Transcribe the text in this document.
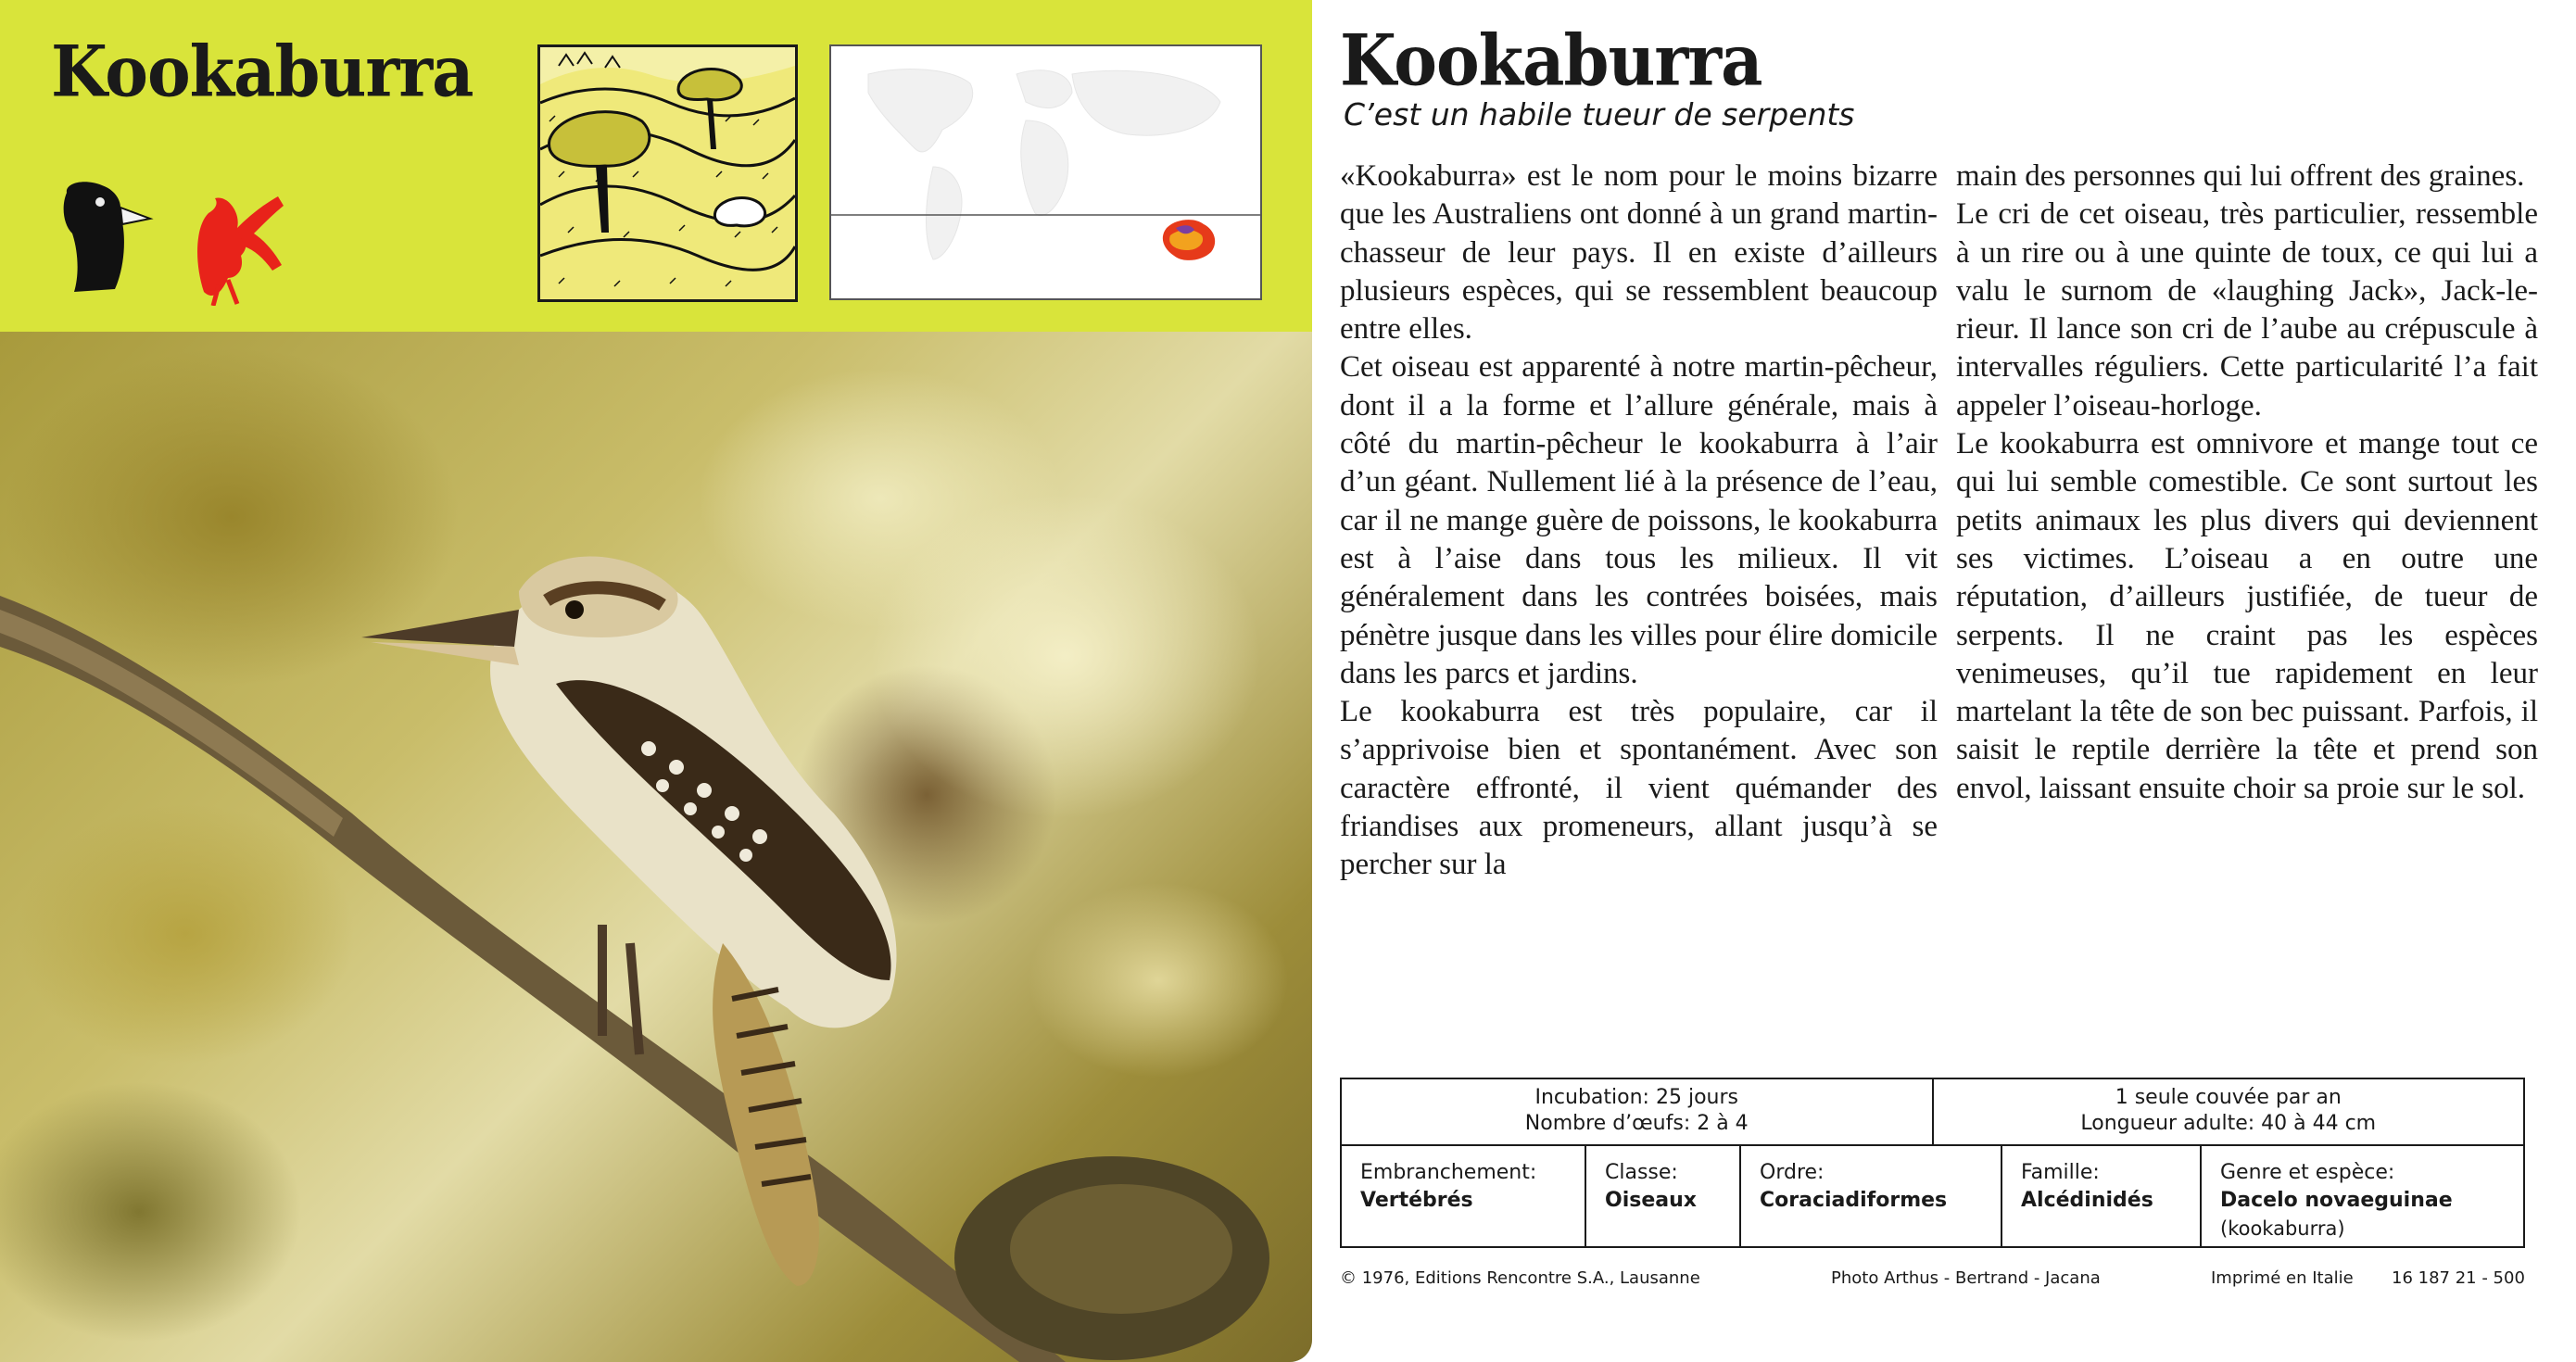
Kookaburra	Kookaburra
C’est un habile tueur de serpents

«Kookaburra» est le nom pour le moins bizarre que les Australiens ont donné à un grand martin-chasseur de leur pays. Il en existe d’ailleurs plusieurs espèces, qui se ressemblent beaucoup entre elles.

Cet oiseau est apparenté à notre martin-pêcheur, dont il a la forme et l’allure générale, mais à côté du martin-pêcheur le kookaburra à l’air d’un géant. Nullement lié à la présence de l’eau, car il ne mange guère de poissons, le kookaburra est à l’aise dans tous les milieux. Il vit généralement dans les contrées boisées, mais pénètre jusque dans les villes pour élire domicile dans les parcs et jardins.

Le kookaburra est très populaire, car il s’apprivoise bien et spontanément. Avec son caractère effronté, il vient quémander des friandises aux promeneurs, allant jusqu’à se percher sur la

main des personnes qui lui offrent des graines.

Le cri de cet oiseau, très particulier, ressemble à un rire ou à une quinte de toux, ce qui lui a valu le surnom de «laughing Jack», Jack-le-rieur. Il lance son cri de l’aube au crépuscule à intervalles réguliers. Cette particularité l’a fait appeler l’oiseau-horloge.

Le kookaburra est omnivore et mange tout ce qui lui semble comestible. Ce sont surtout les petits animaux les plus divers qui deviennent ses victimes. L’oiseau a en outre une réputation, d’ailleurs justifiée, de tueur de serpents. Il ne craint pas les espèces venimeuses, qu’il tue rapidement en leur martelant la tête de son bec puissant. Parfois, il saisit le reptile derrière la tête et prend son envol, laissant ensuite choir sa proie sur le sol.

Incubation: 25 jours
Nombre d’œufs: 2 à 4
1 seule couvée par an
Longueur adulte: 40 à 44 cm
Embranchement:
Vertébrés
Classe:
Oiseaux
Ordre:
Coraciadiformes
Famille:
Alcédinidés
Genre et espèce:
Dacelo novaeguinae
(kookaburra)
© 1976, Editions Rencontre S.A., Lausanne	Photo Arthus - Bertrand - Jacana	Imprimé en Italie 16 187 21 - 500
